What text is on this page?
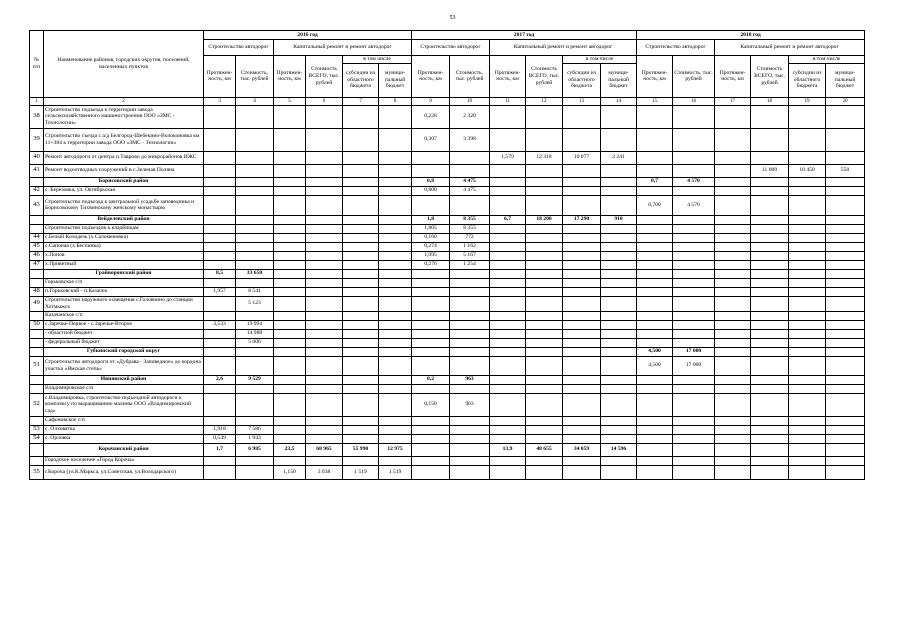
53
№ п/п	Наименование районов, городских округов, поселений, населенных пунктов	2016 год						2017 год						2018 год					
		Строительство автодорог		Капитальный ремонт и ремонт автодорог				Строительство автодорог		Капитальный ремонт и ремонт автодорог				Строительство автодорог		Капитальный ремонт и ремонт автодорог			
		Протяжен- ность, км	Стоимость, тыс. рублей	Протяжен- ность, км	Стоимость ВСЕГО, тыс. рублей	в том числе		Протяжен- ность, км	Стоимость, тыс. рублей	Протяжен- ность, км	Стоимость ВСЕГО, тыс. рублей	в том числе		Протяжен- ность, км	Стоимость, тыс. рублей	Протяжен- ность, км	Стоимость ВСЕГО, тыс. рублей	в том числе	
						субсидии из областного бюджета	муници- пальный бюджет					субсидии из областного бюджета	муници- пальный бюджет					субсидии из областного бюджета	муници- пальный бюджет
1	2	3	4	5	6	7	8	9	10	11	12	13	14	15	16	17	18	19	20
38	Строительство подъезда к территории завода сельскохозяйственного машиностроения ООО «ЗМС - Технологии»							0,228	2 320										
39	Строительство съезда с а/д Белгород-Шебекино-Волоконовка км 11+384 к территории завода ООО «ЗМС - Технологии»							0,307	3 398										
40	Ремонт автодороги от центра п.Таврово до микрорайонов ИЖС									1,579	12 318	10 077	2 241						
41	Ремонт водоотводных сооружений в с.Зеленая Поляна																11 000	10 450	550
	Борисовский район							0,8	4 475					0,7	4 570				
42	с. Березовка, ул. Октябрьская							0,800	4 475										
43	Строительство подъезда к центральной усадьбе заповедника и Борисовскому Тихвинскому женскому монастырю													0,700	4 570				
	Вейделевский район							1,8	8 355	6,7	18 200	17 290	910						
	Строительство подъездов к кладбищам							1,805	8 355										
44	с.Белый Колодезь (х.Саломеновка)							0,160	772										
45	с.Сапоная (х.Беспинка)							0,274	1 162										
46	х.Попов							1,095	5 167										
47	х.Приветный							0,276	1 254										
	Грайворонский район	8,5	33 658																
	Горьковское с/п																		
48	п.Горьковский - п.Казачок	1,957	8 541																
49	Строительство наружного освещения с.Головчино до станции Хотмыжск		5 123																
	Казачанское с/п																		
50	с.Заречье-Первое - с.Заречье-Второе	3,533	19 994																
	- областной бюджет		14 988																
	- федеральный бюджет		5 006																
	Губкинский городской округ													4,500	17 000				
51	Строительство автодороги от «Дубрава - Заповедное» до кордона участка «Ямская степь»													4,500	17 000				
	Ивнянский район	2,6	9 529					0,2	963										
	Владимировское с/п																		
52	с.Владимировка, строительство подъездной автодороги к комплексу по выращиванию малины ООО «Владимировский сад»							0,150	963										
	Сафоновское с/п																		
53	с. Олховатка	1,918	7 586																
54	с. Орловка	0,549	1 943																
	Корочанский район	1,7	6 985	23,5	68 965	55 990	12 975			13,9	48 655	34 059	14 596						
	Городское поселение «Город Короча»																		
55	г.Короча (ул.К.Маркса, ул.Советская, ул.Володарского)			1,150	3 038	1 519	1 519												
